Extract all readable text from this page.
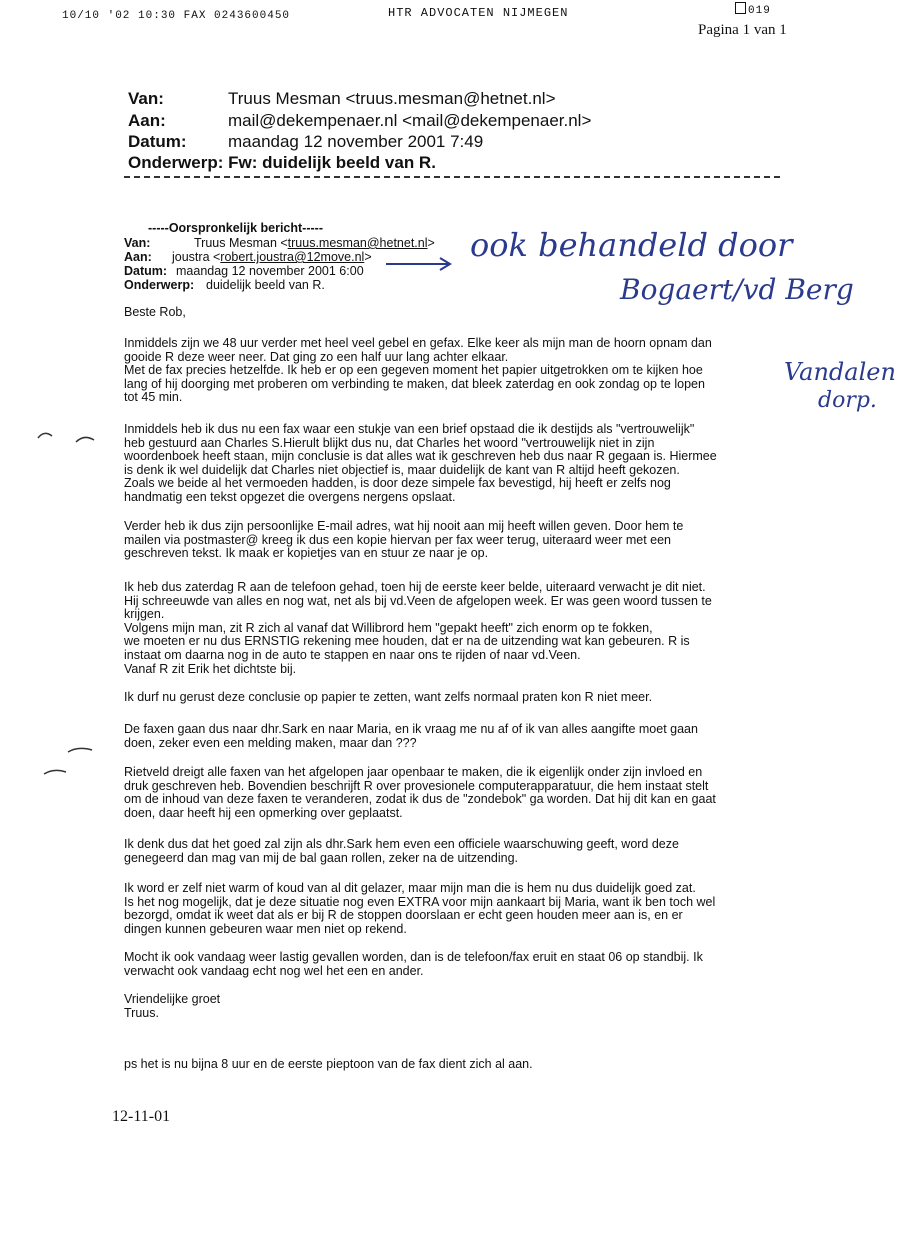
10/10 '02 10:30 FAX 0243600450	HTR ADVOCATEN NIJMEGEN	019
Pagina 1 van 1
Van:	Truus Mesman <truus.mesman@hetnet.nl>
Aan:	mail@dekempenaer.nl <mail@dekempenaer.nl>
Datum: maandag 12 november 2001 7:49
Onderwerp: Fw: duidelijk beeld van R.
-----Oorspronkelijk bericht-----
Van:	Truus Mesman <truus.mesman@hetnet.nl>
Aan: joustra <robert.joustra@12move.nl>
Datum: maandag 12 november 2001 6:00
Onderwerp: duidelijk beeld van R.
ook behandeld door
Bogaert/vd Berg
Vandalen
dorp.

Beste Rob,

Inmiddels zijn we 48 uur verder met heel veel gebel en gefax. Elke keer als mijn man de hoorn opnam dan

gooide R deze weer neer. Dat ging zo een half uur lang achter elkaar.

Met de fax precies hetzelfde. Ik heb er op een gegeven moment het papier uitgetrokken om te kijken hoe

lang of hij doorging met proberen om verbinding te maken, dat bleek zaterdag en ook zondag op te lopen

tot 45 min.

Inmiddels heb ik dus nu een fax waar een stukje van een brief opstaad die ik destijds als "vertrouwelijk"

heb gestuurd aan Charles S.Hierult blijkt dus nu, dat Charles het woord "vertrouwelijk niet in zijn

woordenboek heeft staan, mijn conclusie is dat alles wat ik geschreven heb dus naar R gegaan is. Hiermee

is denk ik wel duidelijk dat Charles niet objectief is, maar duidelijk de kant van R altijd heeft gekozen.

Zoals we beide al het vermoeden hadden, is door deze simpele fax bevestigd, hij heeft er zelfs nog

handmatig een tekst opgezet die overgens nergens opslaat.

Verder heb ik dus zijn persoonlijke E-mail adres, wat hij nooit aan mij heeft willen geven. Door hem te

mailen via postmaster@ kreeg ik dus een kopie hiervan per fax weer terug, uiteraard weer met een

geschreven tekst. Ik maak er kopietjes van en stuur ze naar je op.

Ik heb dus zaterdag R aan de telefoon gehad, toen hij de eerste keer belde, uiteraard verwacht je dit niet.

Hij schreeuwde van alles en nog wat, net als bij vd.Veen de afgelopen week. Er was geen woord tussen te

krijgen.

Volgens mijn man, zit R zich al vanaf dat Willibrord hem "gepakt heeft" zich enorm op te fokken,

we moeten er nu dus ERNSTIG rekening mee houden, dat er na de uitzending wat kan gebeuren. R is

instaat om daarna nog in de auto te stappen en naar ons te rijden of naar vd.Veen.

Vanaf R zit Erik het dichtste bij.

Ik durf nu gerust deze conclusie op papier te zetten, want zelfs normaal praten kon R niet meer.

De faxen gaan dus naar dhr.Sark en naar Maria, en ik vraag me nu af of ik van alles aangifte moet gaan

doen, zeker even een melding maken, maar dan ???

Rietveld dreigt alle faxen van het afgelopen jaar openbaar te maken, die ik eigenlijk onder zijn invloed en

druk geschreven heb. Bovendien beschrijft R over provesionele computerapparatuur, die hem instaat stelt

om de inhoud van deze faxen te veranderen, zodat ik dus de "zondebok" ga worden. Dat hij dit kan en gaat

doen, daar heeft hij een opmerking over geplaatst.

Ik denk dus dat het goed zal zijn als dhr.Sark hem even een officiele waarschuwing geeft, word deze

genegeerd dan mag van mij de bal gaan rollen, zeker na de uitzending.

Ik word er zelf niet warm of koud van al dit gelazer, maar mijn man die is hem nu dus duidelijk goed zat.

Is het nog mogelijk, dat je deze situatie nog even EXTRA voor mijn aankaart bij Maria, want ik ben toch wel

bezorgd, omdat ik weet dat als er bij R de stoppen doorslaan er echt geen houden meer aan is, en er

dingen kunnen gebeuren waar men niet op rekend.

Mocht ik ook vandaag weer lastig gevallen worden, dan is de telefoon/fax eruit en staat 06 op standbij. Ik

verwacht ook vandaag echt nog wel het een en ander.

Vriendelijke groet

Truus.

ps het is nu bijna 8 uur en de eerste pieptoon van de fax dient zich al aan.

12-11-01
